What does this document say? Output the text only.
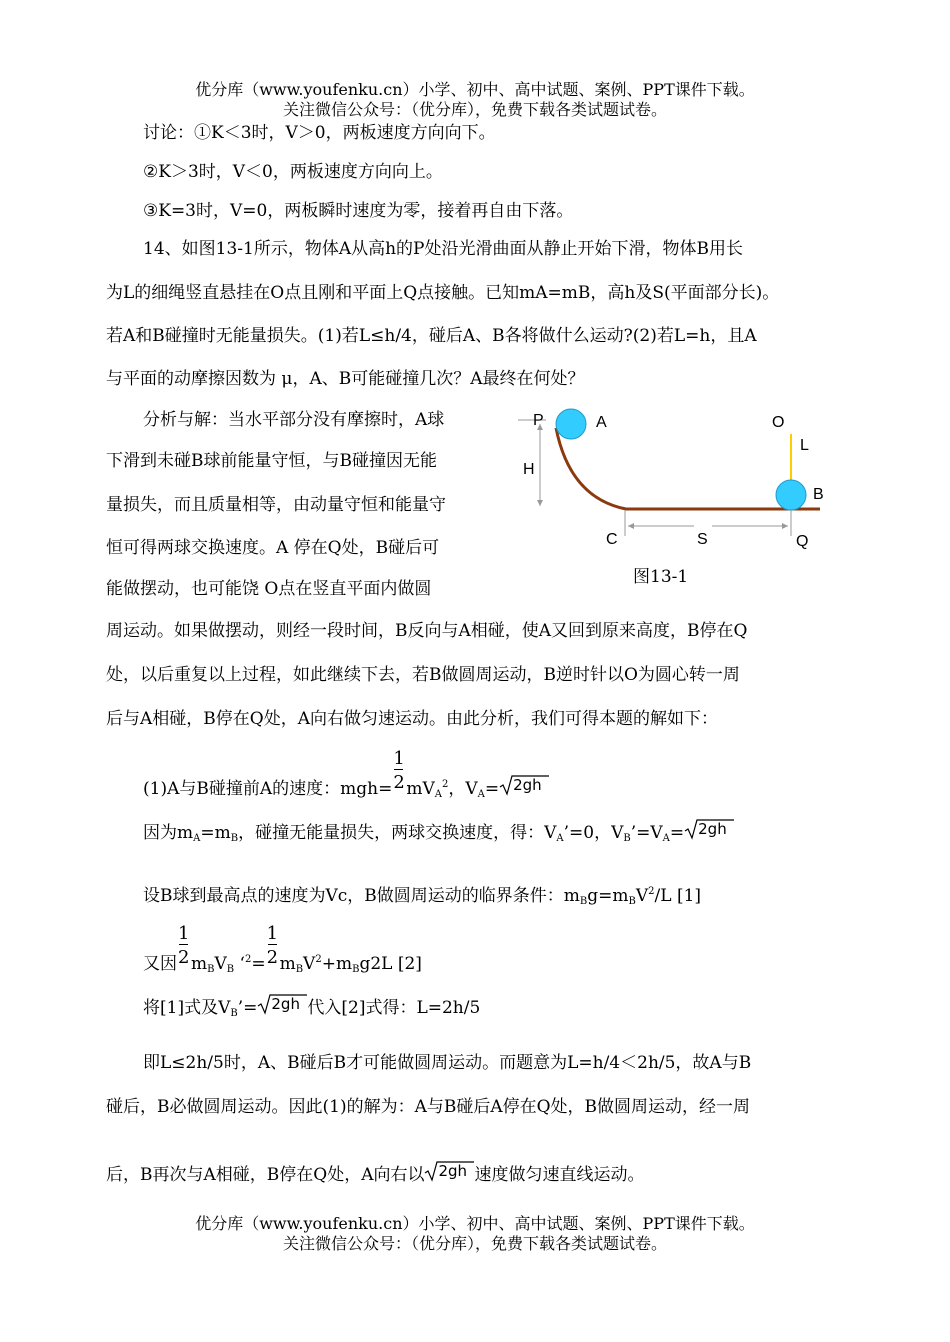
优分库（www.youfenku.cn）小学、初中、高中试题、案例、PPT课件下载。
关注微信公众号：（优分库），免费下载各类试题试卷。
讨论：①K＜3时，V＞0，两板速度方向向下。
②K＞3时，V＜0，两板速度方向向上。
③K=3时，V=0，两板瞬时速度为零，接着再自由下落。
14、如图13-1所示，物体A从高h的P处沿光滑曲面从静止开始下滑，物体B用长
为L的细绳竖直悬挂在O点且刚和平面上Q点接触。已知mA=mB，高h及S(平面部分长)。
若A和B碰撞时无能量损失。(1)若L≤h/4，碰后A、B各将做什么运动?(2)若L=h，且A
与平面的动摩擦因数为 μ，A、B可能碰撞几次？A最终在何处？
分析与解：当水平部分没有摩擦时，A球
下滑到未碰B球前能量守恒，与B碰撞因无能
量损失，而且质量相等，由动量守恒和能量守
恒可得两球交换速度。A 停在Q处，B碰后可
能做摆动，也可能饶 O点在竖直平面内做圆
周运动。如果做摆动，则经一段时间，B反向与A相碰，使A又回到原来高度，B停在Q
处，以后重复以上过程，如此继续下去，若B做圆周运动，B逆时针以O为圆心转一周
后与A相碰，B停在Q处，A向右做匀速运动。由此分析，我们可得本题的解如下：
P	A
H
O
L
B
C	S	Q
图13-1
(1)A与B碰撞前A的速度：$mgh= \frac{1}{2} mV_A^2$，$V_A= 2gh$
因为$m_A=m_B$，碰撞无能量损失，两球交换速度，得：$V_A’=0$，$V_B’=V_A= 2gh$
设B球到最高点的速度为Vc，B做圆周运动的临界条件：$m_Bg=m_BV^2/L$ [1]
又因 $\frac{1}{2} m_BV_B$ ‘$^2= \frac{1}{2} m_BV^2+m_Bg2L$ [2]
将[1]式及$V_B’= 2gh$ 代入[2]式得：L=2h/5
即L≤2h/5时，A、B碰后B才可能做圆周运动。而题意为L=h/4＜2h/5，故A与B
碰后，B必做圆周运动。因此(1)的解为：A与B碰后A停在Q处，B做圆周运动，经一周
后，B再次与A相碰，B停在Q处，A向右以 2gh 速度做匀速直线运动。
优分库（www.youfenku.cn）小学、初中、高中试题、案例、PPT课件下载。
关注微信公众号：（优分库），免费下载各类试题试卷。
